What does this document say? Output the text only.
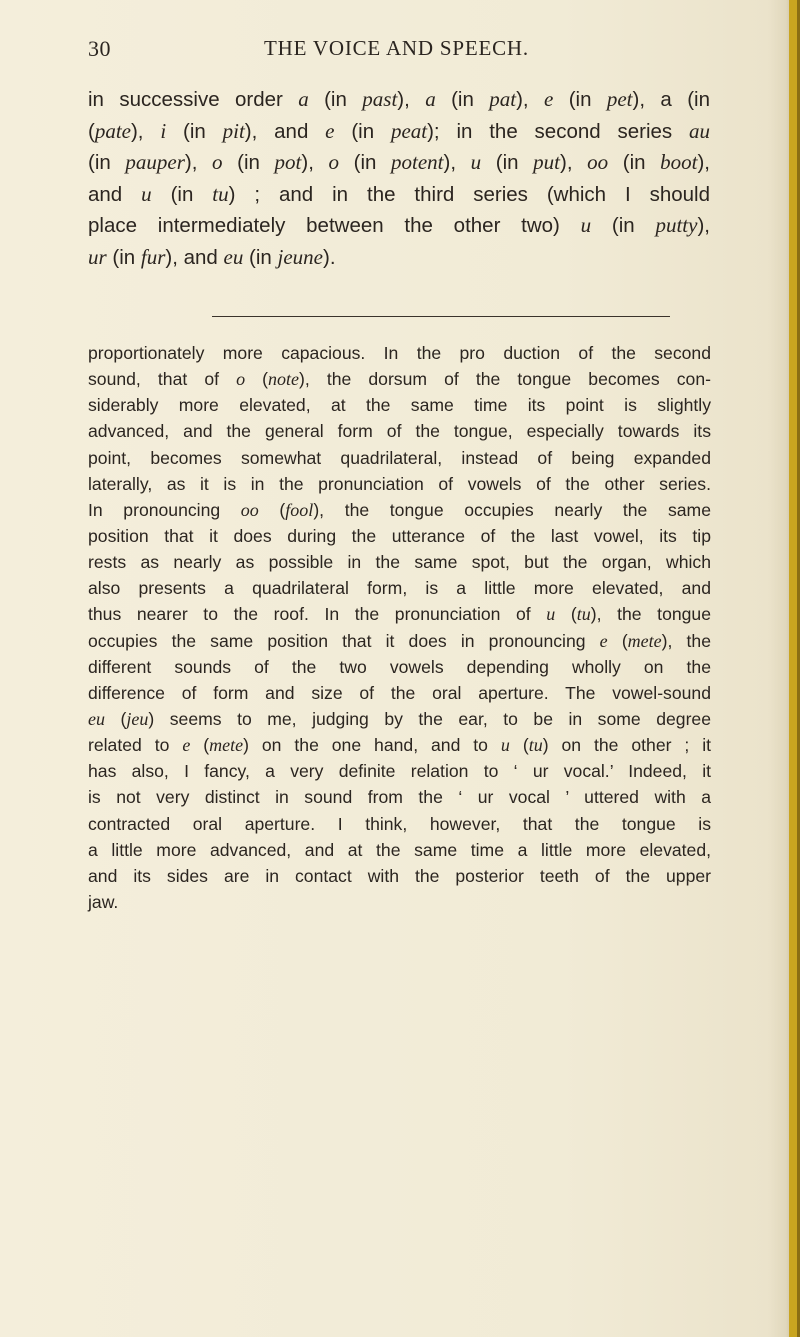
30	THE VOICE AND SPEECH.
in successive order a (in past), a (in pat), e (in pet), a (in
(pate), i (in pit), and e (in peat); in the second series au
(in pauper), o (in pot), o (in potent), u (in put), oo (in boot),
and u (in tu) ; and in the third series (which I should
place intermediately between the other two) u (in putty),
ur (in fur), and eu (in jeune).
proportionately more capacious. In the pro duction of the second
sound, that of o (note), the dorsum of the tongue becomes con-
siderably more elevated, at the same time its point is slightly
advanced, and the general form of the tongue, especially towards its
point, becomes somewhat quadrilateral, instead of being expanded
laterally, as it is in the pronunciation of vowels of the other series.
In pronouncing oo (fool), the tongue occupies nearly the same
position that it does during the utterance of the last vowel, its tip
rests as nearly as possible in the same spot, but the organ, which
also presents a quadrilateral form, is a little more elevated, and
thus nearer to the roof. In the pronunciation of u (tu), the tongue
occupies the same position that it does in pronouncing e (mete), the
different sounds of the two vowels depending wholly on the
difference of form and size of the oral aperture. The vowel-sound
eu (jeu) seems to me, judging by the ear, to be in some degree
related to e (mete) on the one hand, and to u (tu) on the other ; it
has also, I fancy, a very definite relation to ‘ ur vocal.’ Indeed, it
is not very distinct in sound from the ‘ ur vocal ’ uttered with a
contracted oral aperture. I think, however, that the tongue is
a little more advanced, and at the same time a little more elevated,
and its sides are in contact with the posterior teeth of the upper
jaw.
